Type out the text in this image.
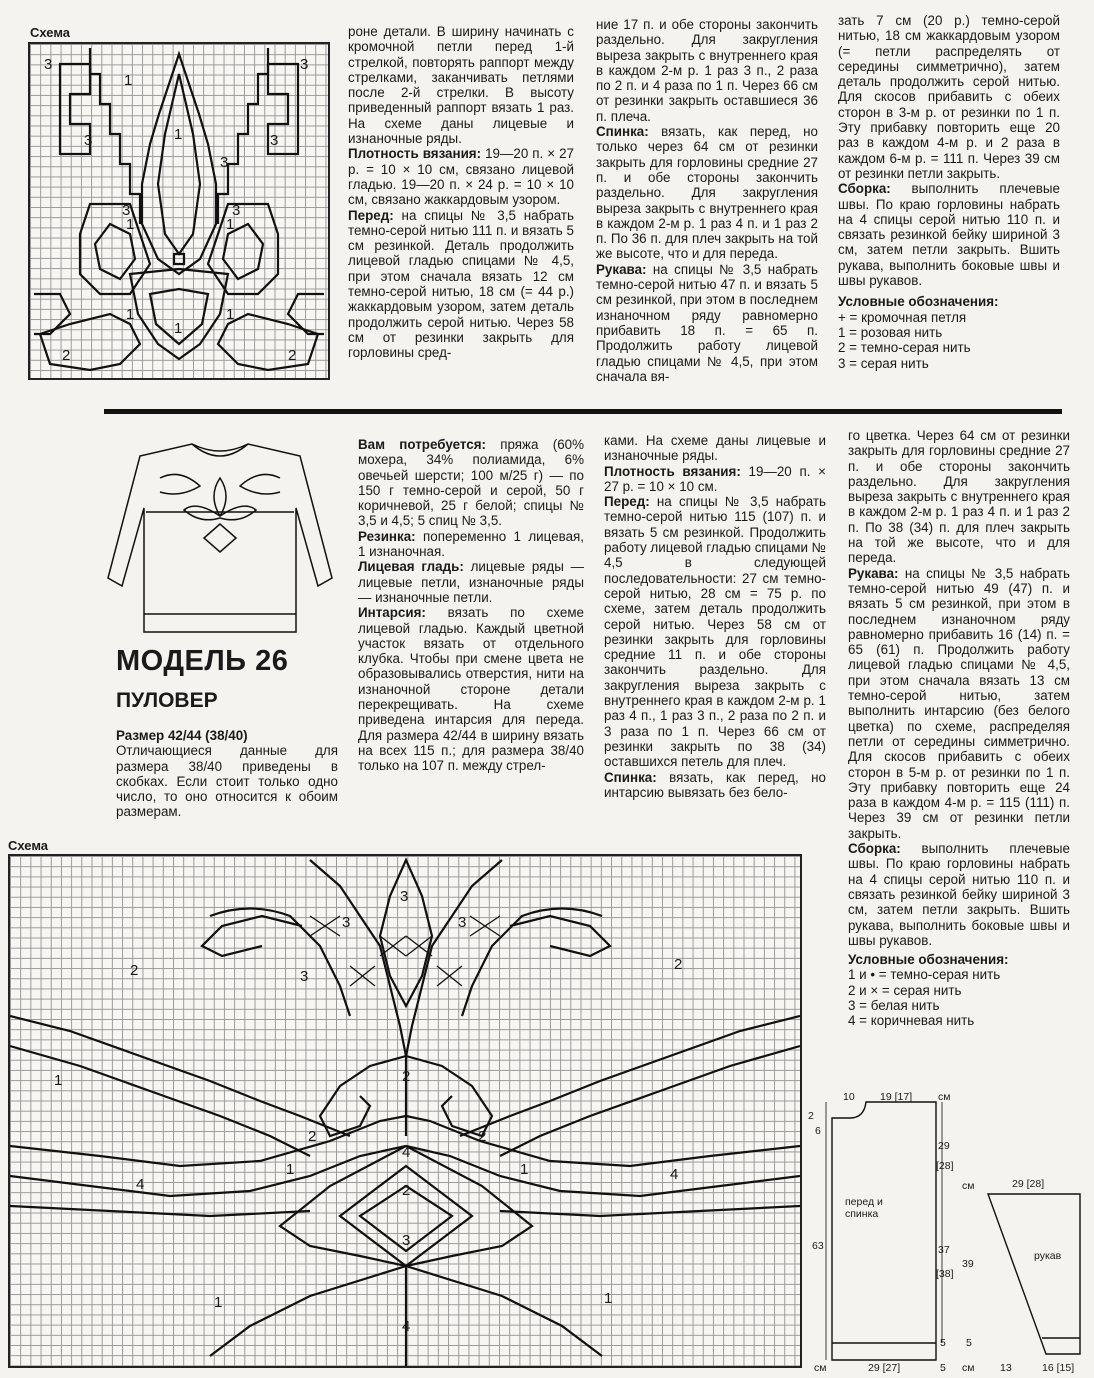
Схема
3
3
1
1
3
3
3	3
1	1
1	1
1
2	2
3

роне детали. В ширину начинать с кромочной петли перед 1-й стрелкой, повторять раппорт между стрелками, заканчивать петлями после 2-й стрелки. В высоту приведенный раппорт вязать 1 раз. На схеме даны лицевые и изнаночные ряды.

Плотность вязания: 19—20 п. × 27 р. = 10 × 10 см, связано лицевой гладью. 19—20 п. × 24 р. = 10 × 10 см, связано жаккардовым узором.

Перед: на спицы № 3,5 набрать темно-серой нитью 111 п. и вязать 5 см резинкой. Деталь продолжить лицевой гладью спицами № 4,5, при этом сначала вязать 12 см темно-серой нитью, 18 см (= 44 р.) жаккардовым узором, затем деталь продолжить серой нитью. Через 58 см от резинки закрыть для горловины сред-

ние 17 п. и обе стороны закончить раздельно. Для закругления выреза закрыть с внутреннего края в каждом 2-м р. 1 раз 3 п., 2 раза по 2 п. и 4 раза по 1 п. Через 66 см от резинки закрыть оставшиеся 36 п. плеча.

Спинка: вязать, как перед, но только через 64 см от резинки закрыть для горловины средние 27 п. и обе стороны закончить раздельно. Для закругления выреза закрыть с внутреннего края в каждом 2-м р. 1 раз 4 п. и 1 раз 2 п. По 36 п. для плеч закрыть на той же высоте, что и для переда.

Рукава: на спицы № 3,5 набрать темно-серой нитью 47 п. и вязать 5 см резинкой, при этом в последнем изнаночном ряду равномерно прибавить 18 п. = 65 п. Продолжить работу лицевой гладью спицами № 4,5, при этом сначала вя-

зать 7 см (20 р.) темно-серой нитью, 18 см жаккардовым узором (= петли распределять от середины симметрично), затем деталь продолжить серой нитью. Для скосов прибавить с обеих сторон в 3-м р. от резинки по 1 п. Эту прибавку повторить еще 20 раз в каждом 4-м р. и 2 раза в каждом 6-м р. = 111 п. Через 39 см от резинки петли закрыть.

Сборка: выполнить плечевые швы. По краю горловины набрать на 4 спицы серой нитью 110 п. и связать резинкой бейку шириной 3 см, затем петли закрыть. Вшить рукава, выполнить боковые швы и швы рукавов.

Условные обозначения:

+ = кромочная петля

1 = розовая нить

2 = темно-серая нить

3 = серая нить

МОДЕЛЬ 26
ПУЛОВЕР

Размер 42/44 (38/40)

Отличающиеся данные для размера 38/40 приведены в скобках. Если стоит только одно число, то оно относится к обоим размерам.

Вам потребуется: пряжа (60% мохера, 34% полиамида, 6% овечьей шерсти; 100 м/25 г) — по 150 г темно-серой и серой, 50 г коричневой, 25 г белой; спицы № 3,5 и 4,5; 5 спиц № 3,5.

Резинка: попеременно 1 лицевая, 1 изнаночная.

Лицевая гладь: лицевые ряды — лицевые петли, изнаночные ряды — изнаночные петли.

Интарсия: вязать по схеме лицевой гладью. Каждый цветной участок вязать от отдельного клубка. Чтобы при смене цвета не образовывались отверстия, нити на изнаночной стороне детали перекрещивать. На схеме приведена интарсия для переда. Для размера 42/44 в ширину вязать на всех 115 п.; для размера 38/40 только на 107 п. между стрел-

ками. На схеме даны лицевые и изнаночные ряды.

Плотность вязания: 19—20 п. × 27 р. = 10 × 10 см.

Перед: на спицы № 3,5 набрать темно-серой нитью 115 (107) п. и вязать 5 см резинкой. Продолжить работу лицевой гладью спицами № 4,5 в следующей последовательности: 27 см темно-серой нитью, 28 см = 75 р. по схеме, затем деталь продолжить серой нитью. Через 58 см от резинки закрыть для горловины средние 11 п. и обе стороны закончить раздельно. Для закругления выреза закрыть с внутреннего края в каждом 2-м р. 1 раз 4 п., 1 раз 3 п., 2 раза по 2 п. и 3 раза по 1 п. Через 66 см от резинки закрыть по 38 (34) оставшихся петель для плеч.

Спинка: вязать, как перед, но интарсию вывязать без бело-

го цветка. Через 64 см от резинки закрыть для горловины средние 27 п. и обе стороны закончить раздельно. Для закругления выреза закрыть с внутреннего края в каждом 2-м р. 1 раз 4 п. и 1 раз 2 п. По 38 (34) п. для плеч закрыть на той же высоте, что и для переда.

Рукава: на спицы № 3,5 набрать темно-серой нитью 49 (47) п. и вязать 5 см резинкой, при этом в последнем изнаночном ряду равномерно прибавить 16 (14) п. = 65 (61) п. Продолжить работу лицевой гладью спицами № 4,5, при этом сначала вязать 13 см темно-серой нитью, затем выполнить интарсию (без белого цветка) по схеме, распределяя петли от середины симметрично. Для скосов прибавить с обеих сторон в 5-м р. от резинки по 1 п. Эту прибавку повторить еще 24 раза в каждом 4-м р. = 115 (111) п. Через 39 см от резинки петли закрыть.

Сборка: выполнить плечевые швы. По краю горловины набрать на 4 спицы серой нитью 110 п. и связать резинкой бейку шириной 3 см, затем петли закрыть. Вшить рукава, выполнить боковые швы и швы рукавов.

Условные обозначения:

1 и • = темно-серая нить

2 и × = серая нить

3 = белая нить

4 = коричневая нить

Схема
3
3	3
3
2	2
1	2
2	2
1	1
4
4
4
2
3
1	1
4
см
10 19 [17]
2
6
29
[28]
перед и спинка
63	37
[38]
5
см	29 [27]	5
см	29 [28]
рукав
39
5
см 13	16 [15]
